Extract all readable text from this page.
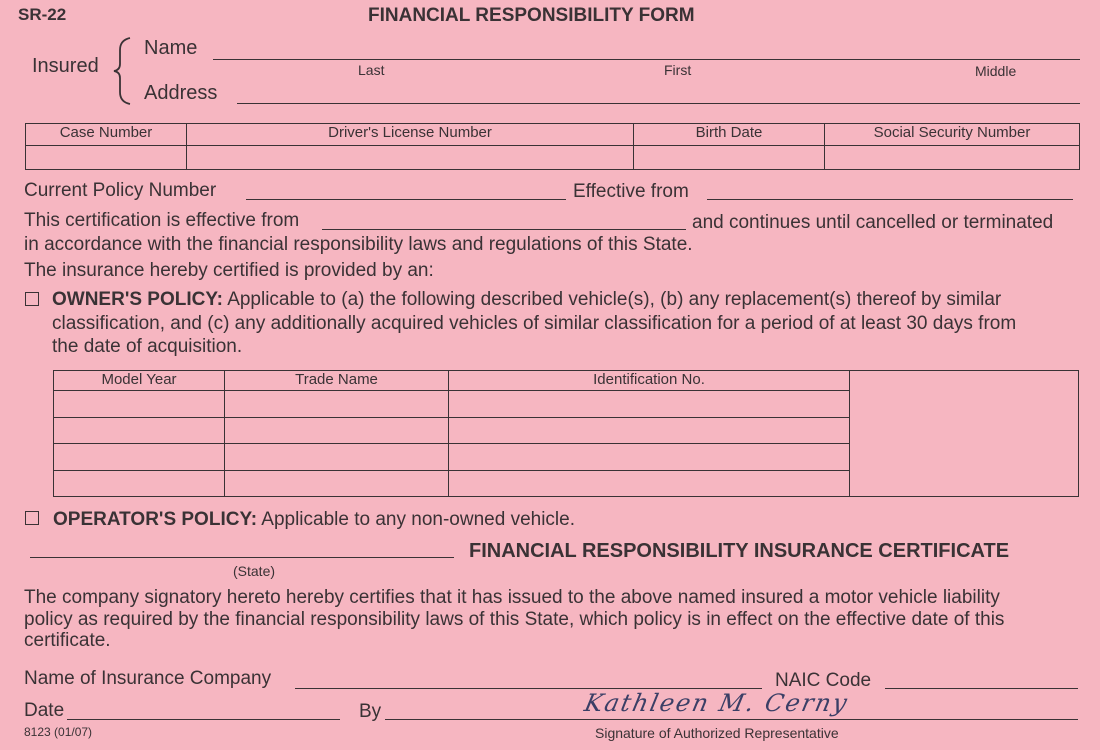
SR-22	FINANCIAL RESPONSIBILITY FORM
Insured
Name
Last	First	Middle
Address
Case Number	Driver's License Number	Birth Date	Social Security Number

Current Policy Number	Effective from
This certification is effective from	and continues until cancelled or terminated
in accordance with the financial responsibility laws and regulations of this State.
The insurance hereby certified is provided by an:
OWNER'S POLICY: Applicable to (a) the following described vehicle(s), (b) any replacement(s) thereof by similar
classification, and (c) any additionally acquired vehicles of similar classification for a period of at least 30 days from
the date of acquisition.
Model Year	Trade Name	Identification No.	

OPERATOR'S POLICY: Applicable to any non-owned vehicle.
(State)
FINANCIAL RESPONSIBILITY INSURANCE CERTIFICATE
The company signatory hereto hereby certifies that it has issued to the above named insured a motor vehicle liability
policy as required by the financial responsibility laws of this State, which policy is in effect on the effective date of this
certificate.
Name of Insurance Company	NAIC Code
Date	By	Kathleen M. Cerny
Signature of Authorized Representative
8123 (01/07)
